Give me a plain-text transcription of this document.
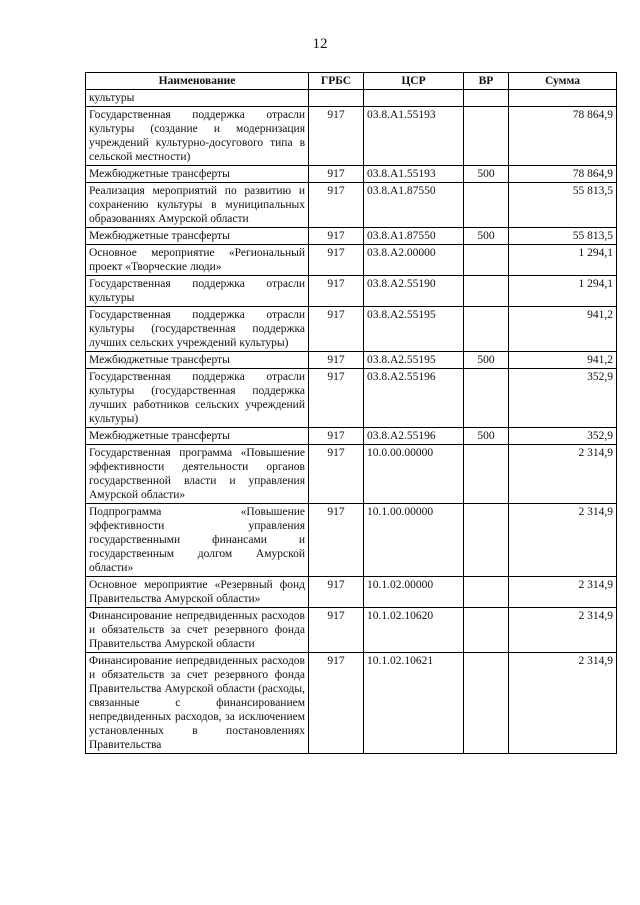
12
Наименование	ГРБС	ЦСР	ВР	Сумма
культуры				
Государственная поддержка отрасли культуры (создание и модернизация учреждений культурно-досугового типа в сельской местности)	917	03.8.А1.55193		78 864,9
Межбюджетные трансферты	917	03.8.А1.55193	500	78 864,9
Реализация мероприятий по развитию и сохранению культуры в муниципальных образованиях Амурской области	917	03.8.А1.87550		55 813,5
Межбюджетные трансферты	917	03.8.А1.87550	500	55 813,5
Основное мероприятие «Региональный проект «Творческие люди»	917	03.8.А2.00000		1 294,1
Государственная поддержка отрасли культуры	917	03.8.А2.55190		1 294,1
Государственная поддержка отрасли культуры (государственная поддержка лучших сельских учреждений культуры)	917	03.8.А2.55195		941,2
Межбюджетные трансферты	917	03.8.А2.55195	500	941,2
Государственная поддержка отрасли культуры (государственная поддержка лучших работников сельских учреждений культуры)	917	03.8.А2.55196		352,9
Межбюджетные трансферты	917	03.8.А2.55196	500	352,9
Государственная программа «Повышение эффективности деятельности органов государственной власти и управления Амурской области»	917	10.0.00.00000		2 314,9
Подпрограмма «Повышение эффективности управления государственными финансами и государственным долгом Амурской области»	917	10.1.00.00000		2 314,9
Основное мероприятие «Резервный фонд Правительства Амурской области»	917	10.1.02.00000		2 314,9
Финансирование непредвиденных расходов и обязательств за счет резервного фонда Правительства Амурской области	917	10.1.02.10620		2 314,9
Финансирование непредвиденных расходов и обязательств за счет резервного фонда Правительства Амурской области (расходы, связанные с финансированием непредвиденных расходов, за исключением установленных в постановлениях Правительства	917	10.1.02.10621		2 314,9
